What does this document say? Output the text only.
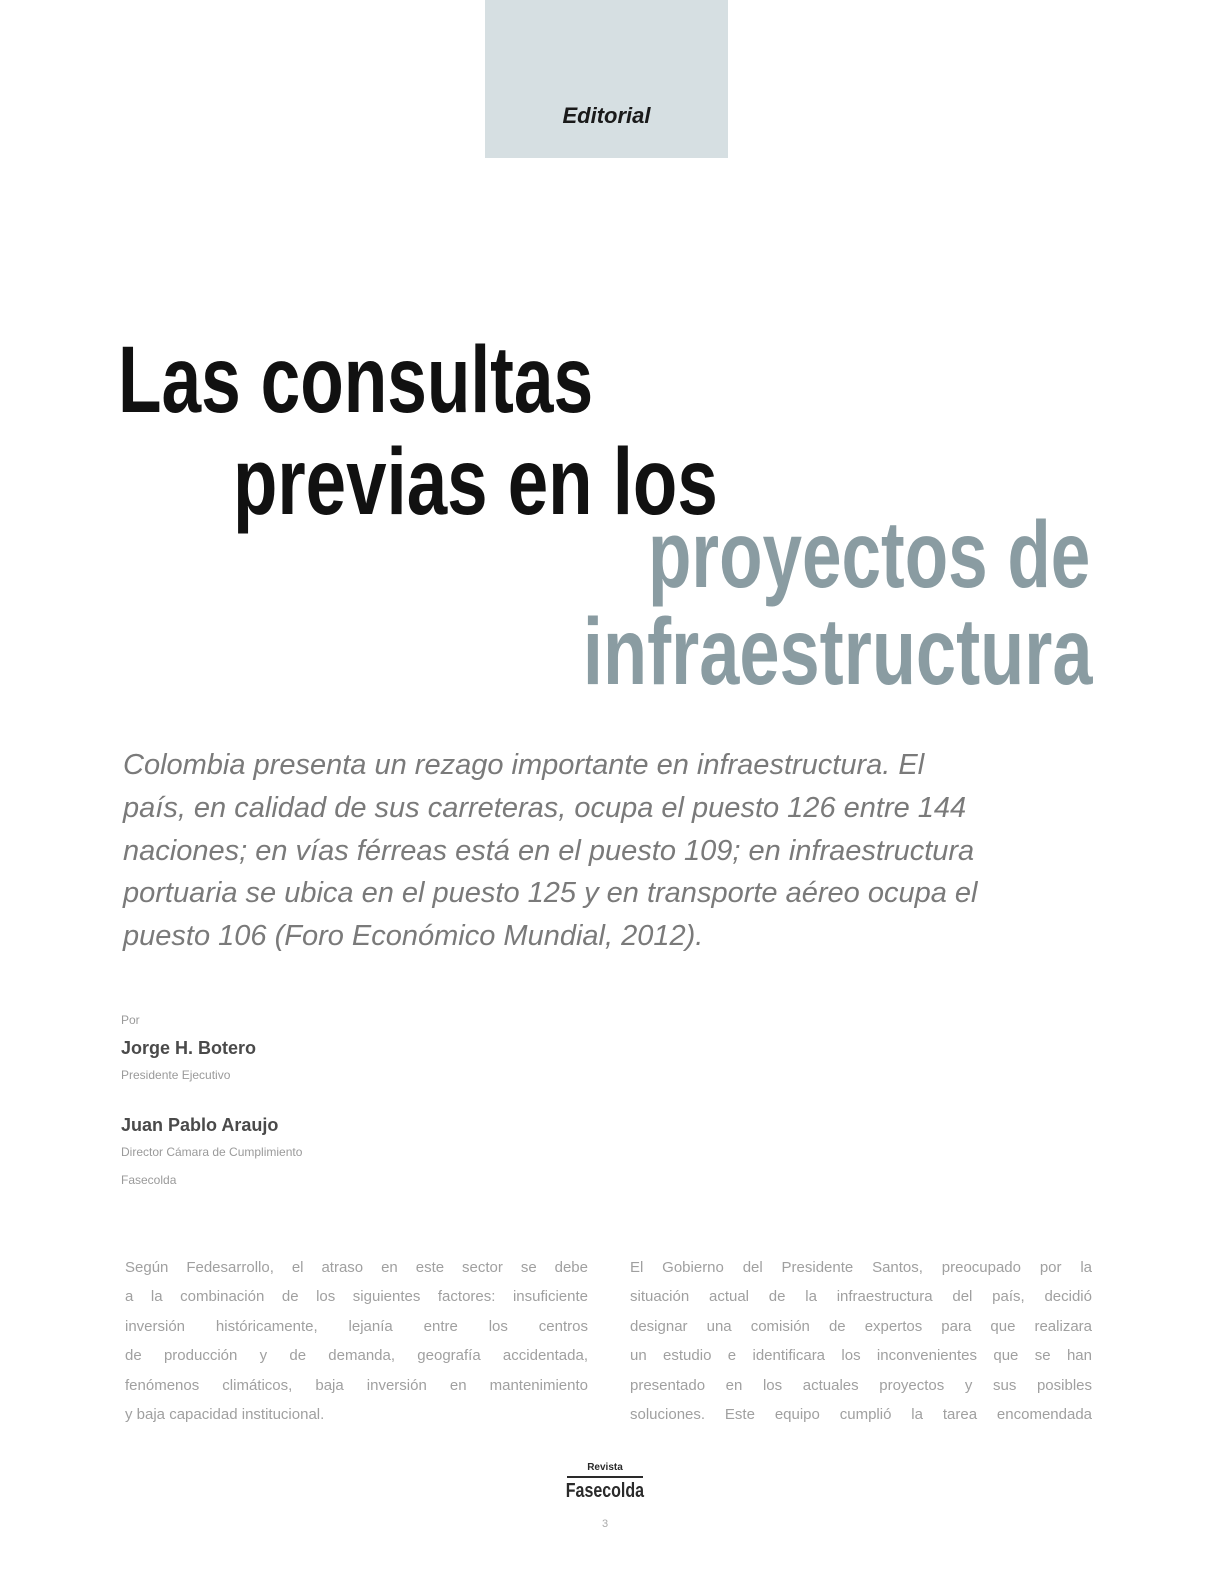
Editorial
Las consultas
previas en los
proyectos de
infraestructura
Colombia presenta un rezago importante en infraestructura. El
país, en calidad de sus carreteras, ocupa el puesto 126 entre 144
naciones; en vías férreas está en el puesto 109; en infraestructura
portuaria se ubica en el puesto 125 y en transporte aéreo ocupa el
puesto 106 (Foro Económico Mundial, 2012).
Por
Jorge H. Botero
Presidente Ejecutivo
Juan Pablo Araujo
Director Cámara de Cumplimiento
Fasecolda
Según Fedesarrollo, el atraso en este sector se debe
a la combinación de los siguientes factores: insuficiente
inversión históricamente, lejanía entre los centros
de producción y de demanda, geografía accidentada,
fenómenos climáticos, baja inversión en mantenimiento
y baja capacidad institucional.
El Gobierno del Presidente Santos, preocupado por la
situación actual de la infraestructura del país, decidió
designar una comisión de expertos para que realizara
un estudio e identificara los inconvenientes que se han
presentado en los actuales proyectos y sus posibles
soluciones. Este equipo cumplió la tarea encomendada
Revista
Fasecolda
3
